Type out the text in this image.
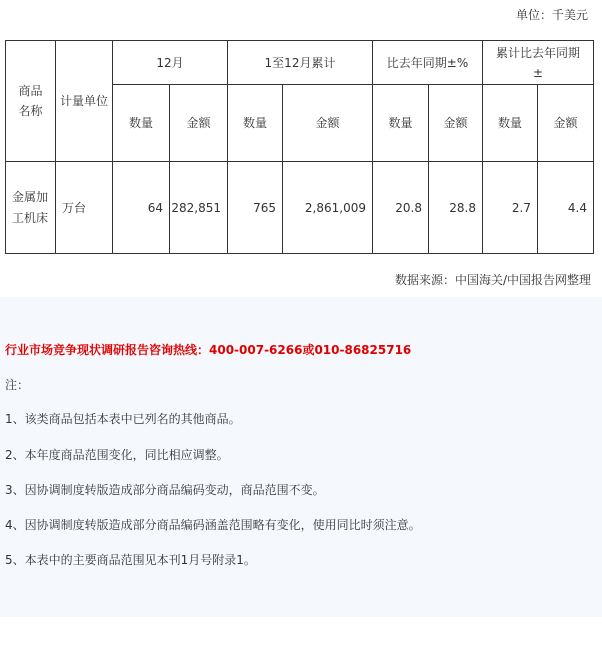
单位：千美元
商品名称	计量单位	12月		1至12月累计		比去年同期±%		累计比去年同期±	

		数量	金额	数量	金额	数量	金额	数量	金额

金属加工机床	万台	64	282,851	765	2,861,009	20.8	28.8	2.7	4.4
数据来源：中国海关/中国报告网整理
行业市场竞争现状调研报告咨询热线：400-007-6266或010-86825716
注：
1、该类商品包括本表中已列名的其他商品。
2、本年度商品范围变化，同比相应调整。
3、因协调制度转版造成部分商品编码变动，商品范围不变。
4、因协调制度转版造成部分商品编码涵盖范围略有变化，使用同比时须注意。
5、本表中的主要商品范围见本刊1月号附录1。
